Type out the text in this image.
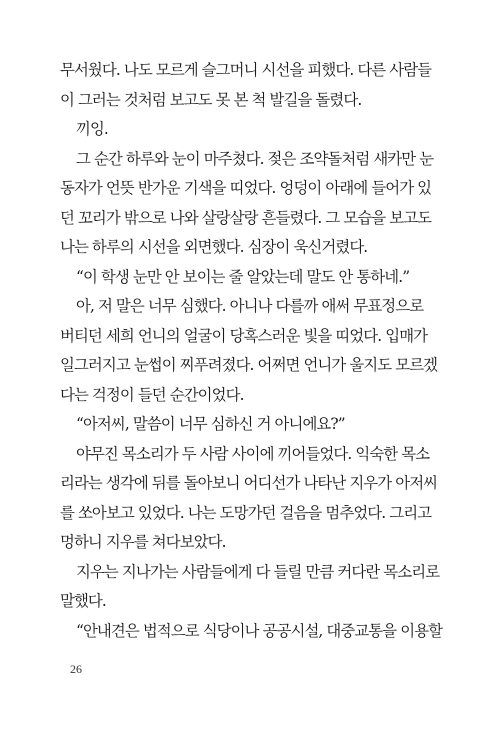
무서웠다. 나도 모르게 슬그머니 시선을 피했다. 다른 사람들
이 그러는 것처럼 보고도 못 본 척 발길을 돌렸다.

끼잉.

그 순간 하루와 눈이 마주쳤다. 젖은 조약돌처럼 새카만 눈
동자가 언뜻 반가운 기색을 띠었다. 엉덩이 아래에 들어가 있
던 꼬리가 밖으로 나와 살랑살랑 흔들렸다. 그 모습을 보고도
나는 하루의 시선을 외면했다. 심장이 욱신거렸다.

“이 학생 눈만 안 보이는 줄 알았는데 말도 안 통하네.”

아, 저 말은 너무 심했다. 아니나 다를까 애써 무표정으로
버티던 세희 언니의 얼굴이 당혹스러운 빛을 띠었다. 입매가
일그러지고 눈썹이 찌푸려졌다. 어쩌면 언니가 울지도 모르겠
다는 걱정이 들던 순간이었다.

“아저씨, 말씀이 너무 심하신 거 아니에요?”

야무진 목소리가 두 사람 사이에 끼어들었다. 익숙한 목소
리라는 생각에 뒤를 돌아보니 어디선가 나타난 지우가 아저씨
를 쏘아보고 있었다. 나는 도망가던 걸음을 멈추었다. 그리고
멍하니 지우를 쳐다보았다.

지우는 지나가는 사람들에게 다 들릴 만큼 커다란 목소리로
말했다.

“안내견은 법적으로 식당이나 공공시설, 대중교통을 이용할

26
